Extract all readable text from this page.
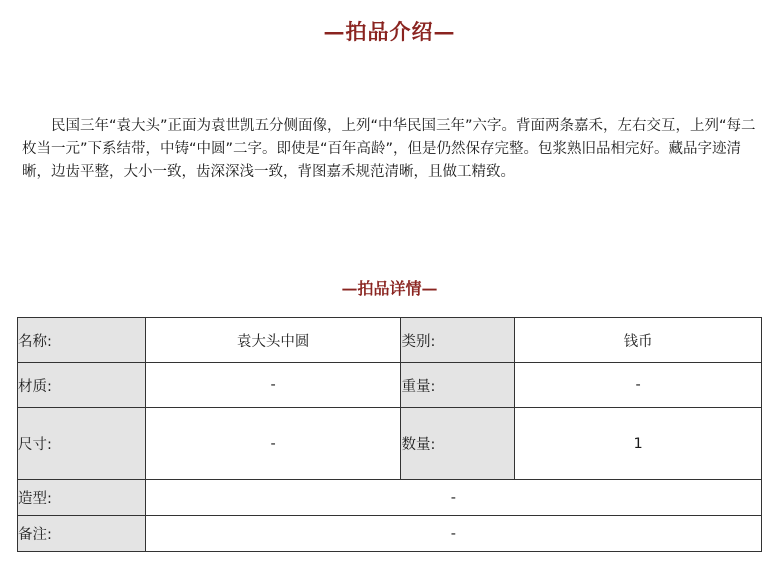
—拍品介绍—

民国三年“袁大头”正面为袁世凯五分侧面像，上列“中华民国三年”六字。背面两条嘉禾，左右交互，上列“每二枚当一元”下系结带，中铸“中圆”二字。即使是“百年高龄”，但是仍然保存完整。包浆熟旧品相完好。藏品字迹清晰，边齿平整，大小一致，齿深深浅一致，背图嘉禾规范清晰，且做工精致。

—拍品详情—
名称:	袁大头中圆	类别:	钱币
材质:	-	重量:	-
尺寸:	-	数量:	1
造型:	-		
备注:	-		
